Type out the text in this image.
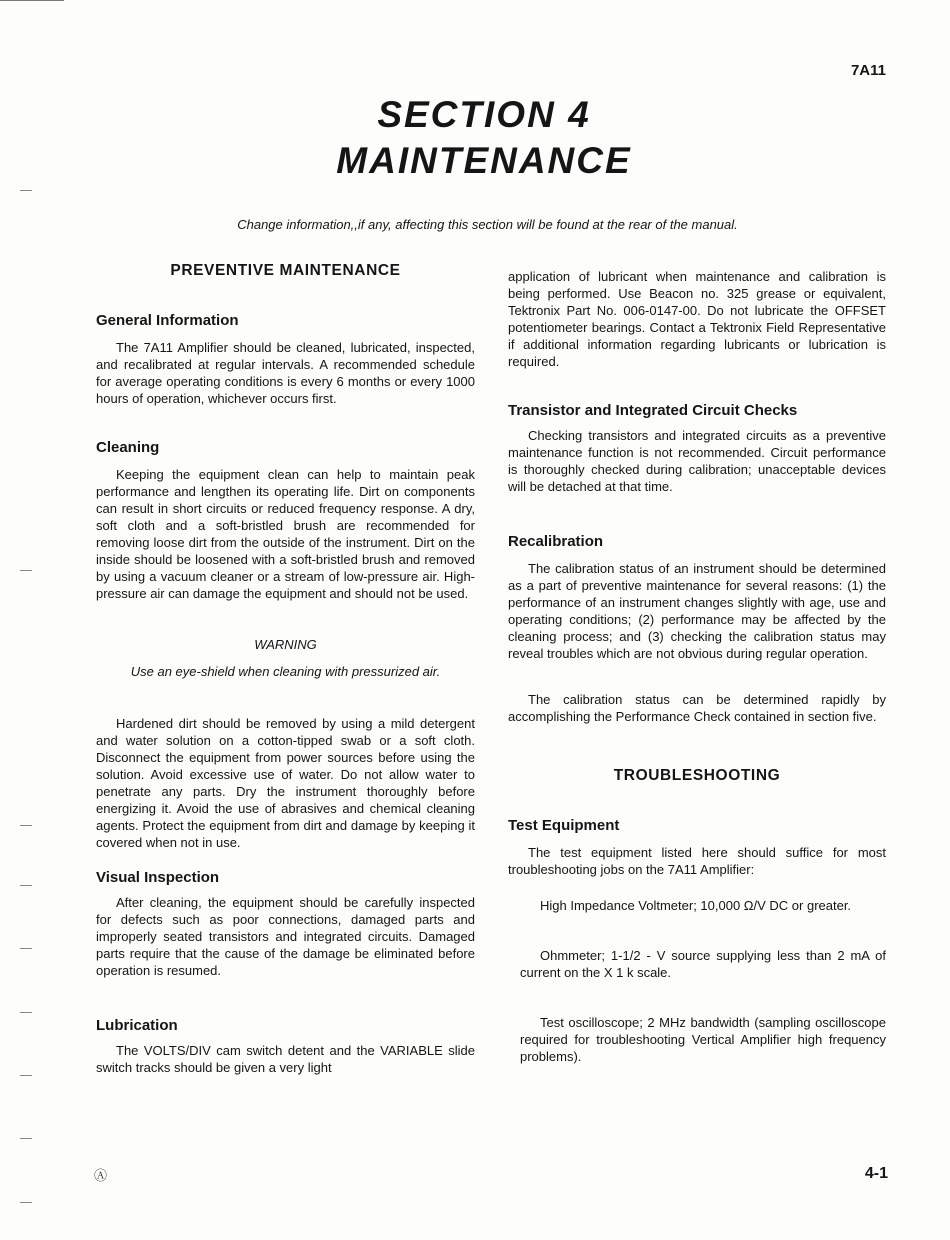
7A11
SECTION 4
MAINTENANCE
Change information,,if any, affecting this section will be found at the rear of the manual.
PREVENTIVE MAINTENANCE
General Information

The 7A11 Amplifier should be cleaned, lubricated, inspected, and recalibrated at regular intervals. A recommended schedule for average operating conditions is every 6 months or every 1000 hours of operation, whichever occurs first.

Cleaning

Keeping the equipment clean can help to maintain peak performance and lengthen its operating life. Dirt on components can result in short circuits or reduced frequency response. A dry, soft cloth and a soft-bristled brush are recommended for removing loose dirt from the outside of the instrument. Dirt on the inside should be loosened with a soft-bristled brush and removed by using a vacuum cleaner or a stream of low-pressure air. High-pressure air can damage the equipment and should not be used.

WARNING

Use an eye-shield when cleaning with pressurized air.

Hardened dirt should be removed by using a mild detergent and water solution on a cotton-tipped swab or a soft cloth. Disconnect the equipment from power sources before using the solution. Avoid excessive use of water. Do not allow water to penetrate any parts. Dry the instrument thoroughly before energizing it. Avoid the use of abrasives and chemical cleaning agents. Protect the equipment from dirt and damage by keeping it covered when not in use.

Visual Inspection

After cleaning, the equipment should be carefully inspected for defects such as poor connections, damaged parts and improperly seated transistors and integrated circuits. Damaged parts require that the cause of the damage be eliminated before operation is resumed.

Lubrication

The VOLTS/DIV cam switch detent and the VARIABLE slide switch tracks should be given a very light

application of lubricant when maintenance and calibration is being performed. Use Beacon no. 325 grease or equivalent, Tektronix Part No. 006-0147-00. Do not lubricate the OFFSET potentiometer bearings. Contact a Tektronix Field Representative if additional information regarding lubricants or lubrication is required.

Transistor and Integrated Circuit Checks

Checking transistors and integrated circuits as a preventive maintenance function is not recommended. Circuit performance is thoroughly checked during calibration; unacceptable devices will be detached at that time.

Recalibration

The calibration status of an instrument should be determined as a part of preventive maintenance for several reasons: (1) the performance of an instrument changes slightly with age, use and operating conditions; (2) performance may be affected by the cleaning process; and (3) checking the calibration status may reveal troubles which are not obvious during regular operation.

The calibration status can be determined rapidly by accomplishing the Performance Check contained in section five.

TROUBLESHOOTING
Test Equipment

The test equipment listed here should suffice for most troubleshooting jobs on the 7A11 Amplifier:

High Impedance Voltmeter; 10,000 Ω/V DC or greater.

Ohmmeter; 1-1/2 - V source supplying less than 2 mA of current on the X 1 k scale.

Test oscilloscope; 2 MHz bandwidth (sampling oscilloscope required for troubleshooting Vertical Amplifier high frequency problems).

Ⓐ	4-1
